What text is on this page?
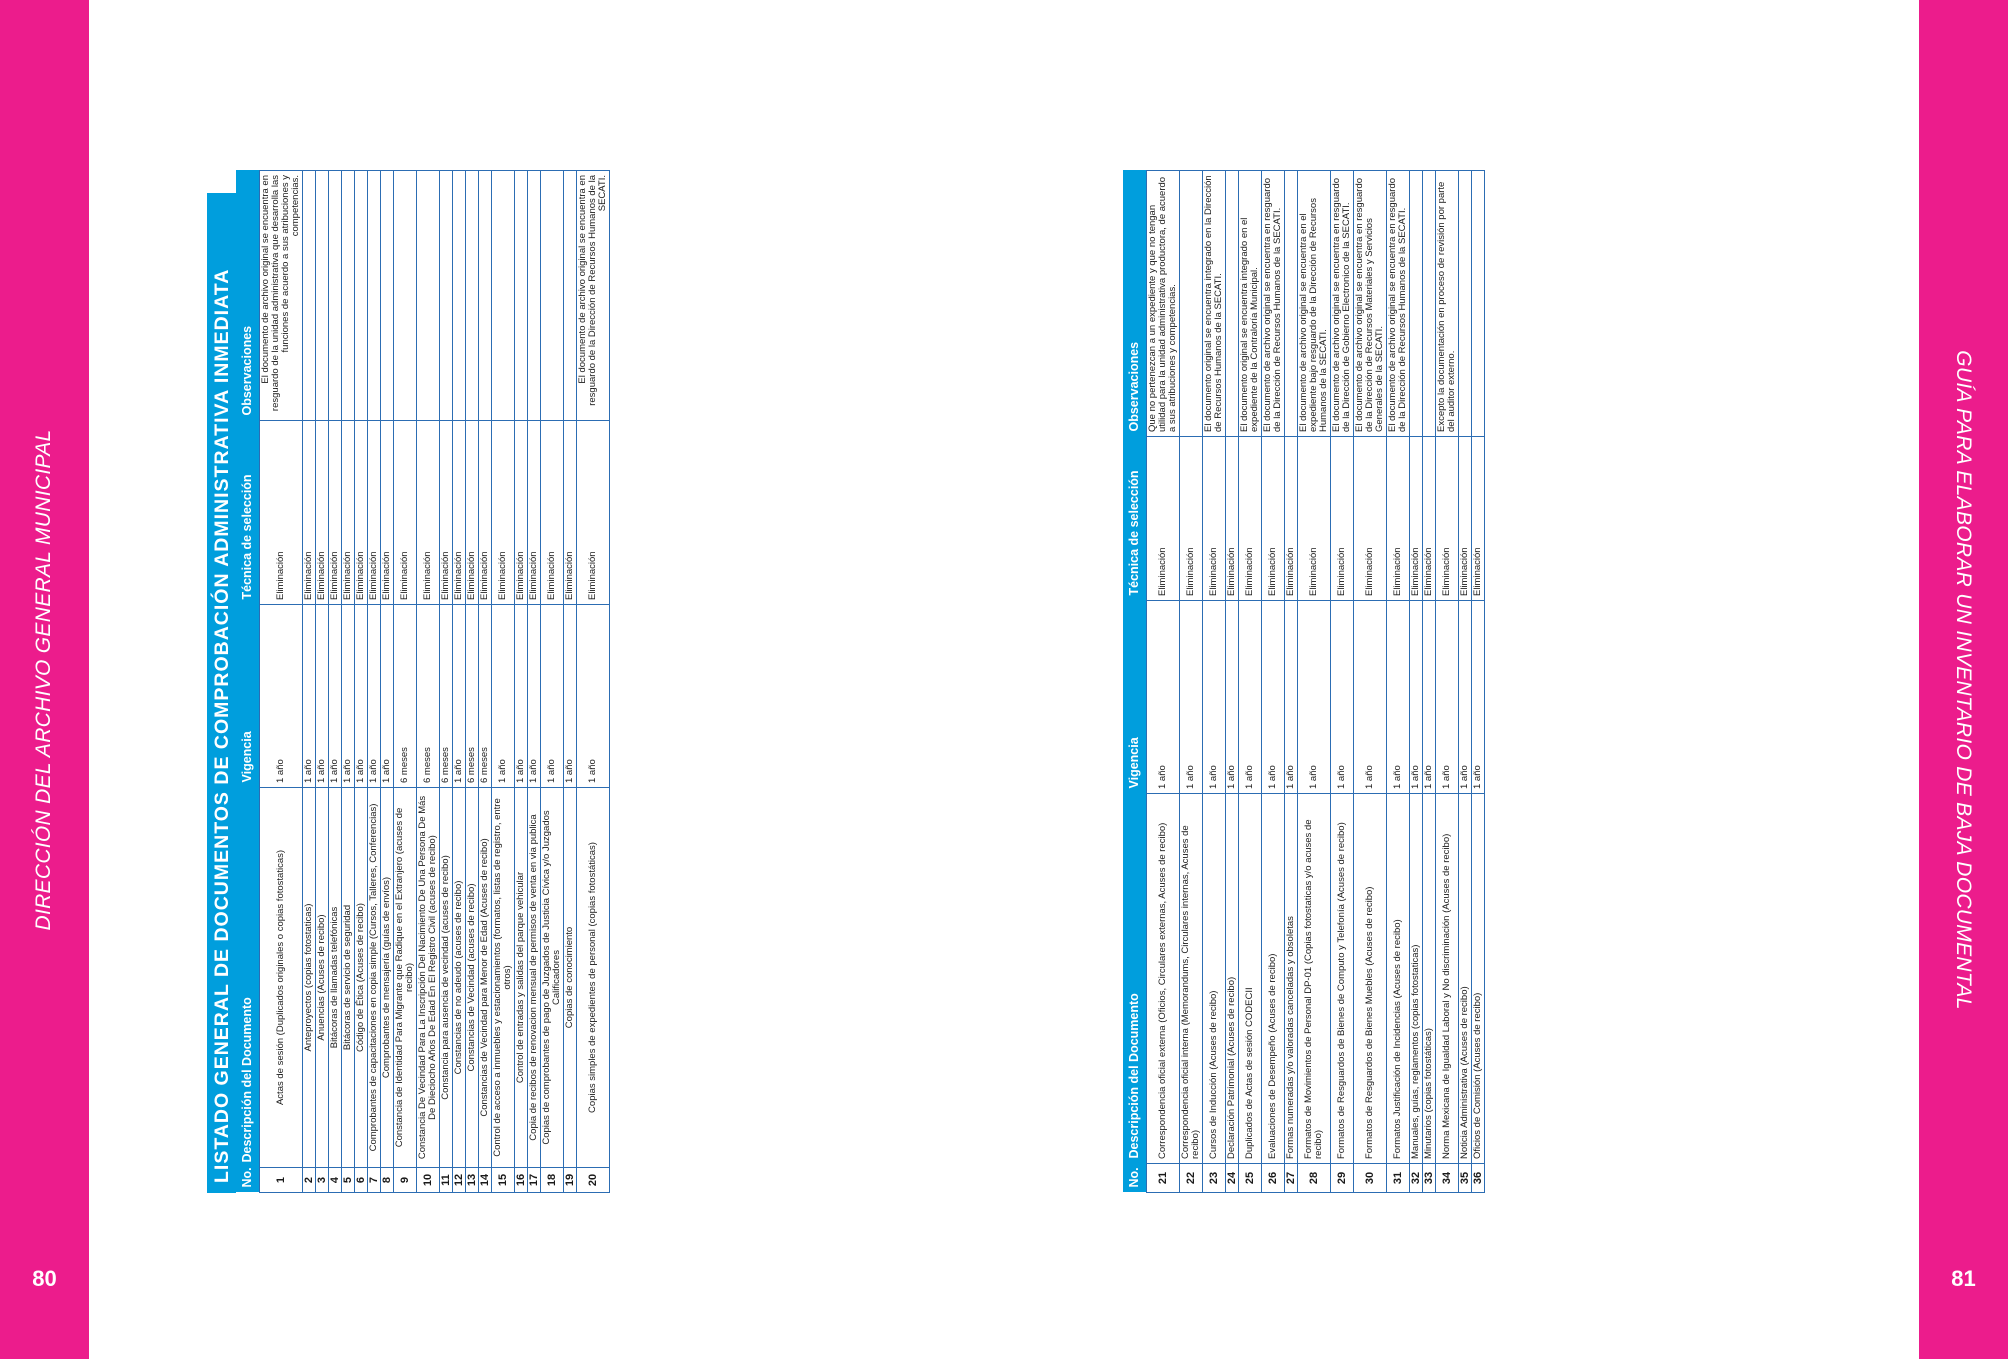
DIRECCIÓN DEL ARCHIVO GENERAL MUNICIPAL
80
GUÍA PARA ELABORAR UN INVENTARIO DE BAJA DOCUMENTAL
81
LISTADO GENERAL DE DOCUMENTOS DE COMPROBACIÓN ADMINISTRATIVA INMEDIATA No.	Descripción del Documento	Vigencia	Técnica de selección	Observaciones
1	Actas de sesión (Duplicados originales o copias fotostaticas)	1 año	Eliminación	El documento de archivo original se encuentra en resguardo de la unidad administrativa que desarrolla las funciones de acuerdo a sus atribuciones y competencias.
2	Anteproyectos (copias fotostaticas)	1 año	Eliminación	
3	Anuencias (Acuses de recibo)	1 año	Eliminación	
4	Bitácoras de llamadas telefónicas	1 año	Eliminación	
5	Bitácoras de servicio de seguridad	1 año	Eliminación	
6	Código de Ética (Acuses de recibo)	1 año	Eliminación	
7	Comprobantes de capacitaciones en copia simple (Cursos, Talleres, Conferencias)	1 año	Eliminación	
8	Comprobantes de mensajería (guías de envíos)	1 año	Eliminación	
9	Constancia de Identidad Para Migrante que Radique en el Extranjero (acuses de recibo)	6 meses	Eliminación	
10	Constancia De Vecindad Para La Inscripción Del Nacimiento De Una Persona De Más De Dieciocho Años De Edad En El Registro Civil (acuses de recibo)	6 meses	Eliminación	
11	Constancia para ausencia de vecindad (acuses de recibo)	6 meses	Eliminación	
12	Constancias de no adeudo (acuses de recibo)	1 año	Eliminación	
13	Constancias de Vecindad (acuses de recibo)	6 meses	Eliminación	
14	Constancias de Vecindad para Menor de Edad (Acuses de recibo)	6 meses	Eliminación	
15	Control de acceso a inmuebles y estacionamientos (formatos, listas de registro, entre otros)	1 año	Eliminación	
16	Control de entradas y salidas del parque vehicular	1 año	Eliminación	
17	Copia de recibos de renovacion mensual de permisos de venta en via publica	1 año	Eliminación	
18	Copias de comprobantes de pago de Juzgados de Justicia Cívica y/o Juzgados Calificadores	1 año	Eliminación	
19	Copias de conocimiento	1 año	Eliminación	
20	Copias simples de expedientes de personal (copias fotostáticas)	1 año	Eliminación	El documento de archivo original se encuentra en resguardo de la Dirección de Recursos Humanos de la SECATI.
No.	Descripción del Documento	Vigencia	Técnica de selección	Observaciones
21	Correspondencia oficial externa (Oficios, Circulares externas, Acuses de recibo)	1 año	Eliminación	Que no pertenezcan a un expediente y que no tengan utilidad para la unidad administrativa productora, de acuerdo a sus atribuciones y competencias.
22	Correspondencia oficial interna (Memorandums, Circulares internas, Acuses de recibo)	1 año	Eliminación	
23	Cursos de Inducción (Acuses de recibo)	1 año	Eliminación	El documento original se encuentra integrado en la Dirección de Recursos Humanos de la SECATI.
24	Declaración Patrimonial (Acuses de recibo)	1 año	Eliminación	
25	Duplicados de Actas de sesión CODECII	1 año	Eliminación	El documento original se encuentra integrado en el expediente de la Contraloría Municipal.
26	Evaluaciones de Desempeño (Acuses de recibo)	1 año	Eliminación	El documento de archivo original se encuentra en resguardo de la Dirección de Recursos Humanos de la SECATI.
27	Formas numeradas y/o valoradas canceladas y obsoletas	1 año	Eliminación	
28	Formatos de Movimientos de Personal DP-01 (Copias fotostaticas y/o acuses de recibo)	1 año	Eliminación	El documento de archivo original se encuentra en el expediente bajo resguardo de la Dirección de Recursos Humanos de la SECATI.
29	Formatos de Resguardos de Bienes de Computo y Telefonía (Acuses de recibo)	1 año	Eliminación	El documento de archivo original se encuentra en resguardo de la Dirección de Gobierno Electronico de la SECATI.
30	Formatos de Resguardos de Bienes Muebles (Acuses de recibo)	1 año	Eliminación	El documento de archivo original se encuentra en resguardo de la Dirección de Recursos Materiales y Servicios Generales de la SECATI.
31	Formatos Justificación de Incidencias (Acuses de recibo)	1 año	Eliminación	El documento de archivo original se encuentra en resguardo de la Dirección de Recursos Humanos de la SECATI.
32	Manuales, guías, reglamentos (copias fotostaticas)	1 año	Eliminación	
33	Minutarios (copias fotostáticas)	1 año	Eliminación	
34	Norma Mexicana de Igualdad Laboral y No discriminación (Acuses de recibo)	1 año	Eliminación	Excepto la documentación en proceso de revisión por parte del auditor externo.
35	Noticia Administrativa (Acuses de recibo)	1 año	Eliminación	
36	Oficios de Comisión (Acuses de recibo)	1 año	Eliminación	
